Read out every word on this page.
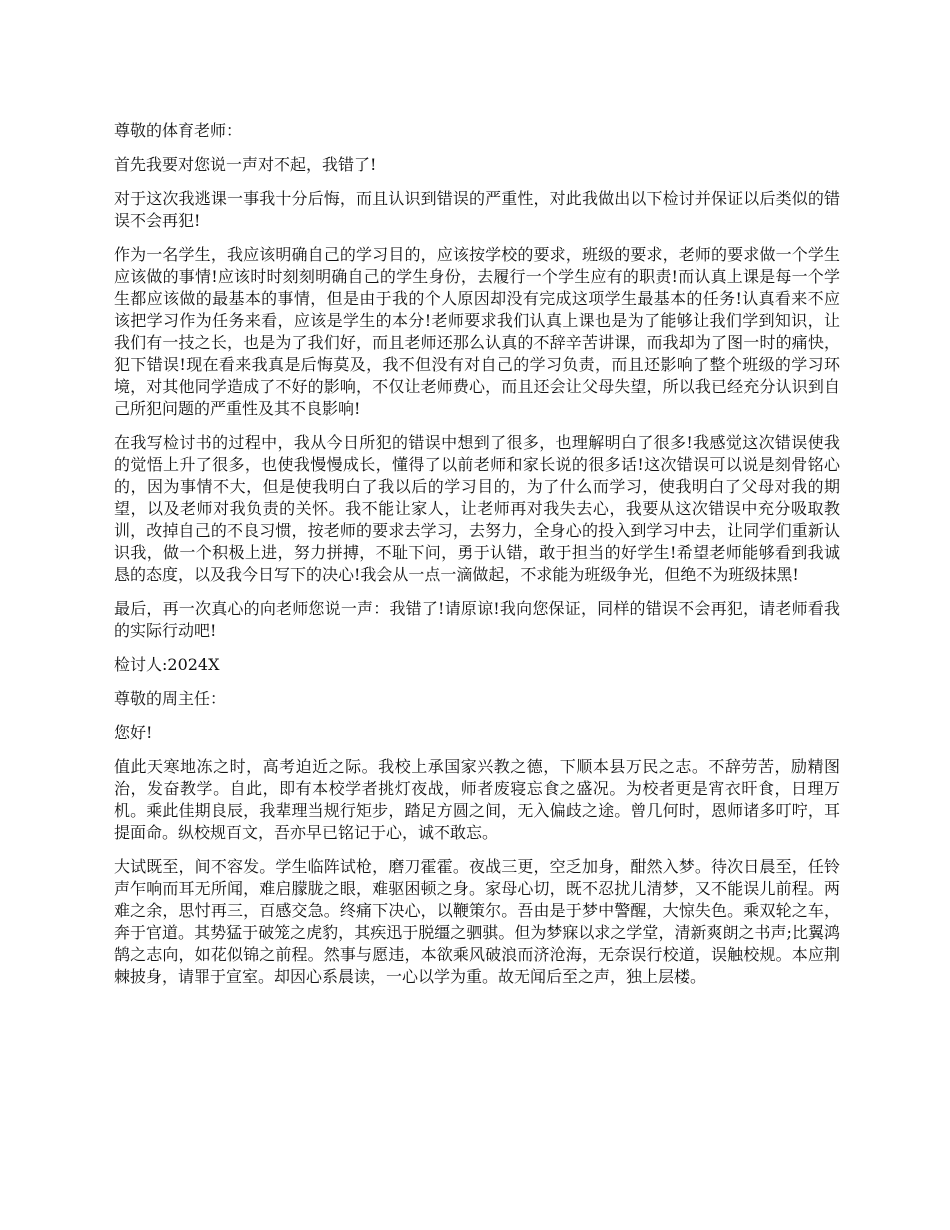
尊敬的体育老师：

首先我要对您说一声对不起，我错了!

对于这次我逃课一事我十分后悔，而且认识到错误的严重性，对此我做出以下检讨并保证以后类似的错误不会再犯!

作为一名学生，我应该明确自己的学习目的，应该按学校的要求，班级的要求，老师的要求做一个学生应该做的事情!应该时时刻刻明确自己的学生身份，去履行一个学生应有的职责!而认真上课是每一个学生都应该做的最基本的事情，但是由于我的个人原因却没有完成这项学生最基本的任务!认真看来不应该把学习作为任务来看，应该是学生的本分!老师要求我们认真上课也是为了能够让我们学到知识，让我们有一技之长，也是为了我们好，而且老师还那么认真的不辞辛苦讲课，而我却为了图一时的痛快，犯下错误!现在看来我真是后悔莫及，我不但没有对自己的学习负责，而且还影响了整个班级的学习环境，对其他同学造成了不好的影响，不仅让老师费心，而且还会让父母失望，所以我已经充分认识到自己所犯问题的严重性及其不良影响!

在我写检讨书的过程中，我从今日所犯的错误中想到了很多，也理解明白了很多!我感觉这次错误使我的觉悟上升了很多，也使我慢慢成长，懂得了以前老师和家长说的很多话!这次错误可以说是刻骨铭心的，因为事情不大，但是使我明白了我以后的学习目的，为了什么而学习，使我明白了父母对我的期望，以及老师对我负责的关怀。我不能让家人，让老师再对我失去心，我要从这次错误中充分吸取教训，改掉自己的不良习惯，按老师的要求去学习，去努力，全身心的投入到学习中去，让同学们重新认识我，做一个积极上进，努力拼搏，不耻下问，勇于认错，敢于担当的好学生!希望老师能够看到我诚恳的态度，以及我今日写下的决心!我会从一点一滴做起，不求能为班级争光，但绝不为班级抹黑!

最后，再一次真心的向老师您说一声：我错了!请原谅!我向您保证，同样的错误不会再犯，请老师看我的实际行动吧!

检讨人:2024X

尊敬的周主任：

您好!

值此天寒地冻之时，高考迫近之际。我校上承国家兴教之德，下顺本县万民之志。不辞劳苦，励精图治，发奋教学。自此，即有本校学者挑灯夜战，师者废寝忘食之盛况。为校者更是宵衣旰食，日理万机。乘此佳期良辰，我辈理当规行矩步，踏足方圆之间，无入偏歧之途。曾几何时，恩师诸多叮咛，耳提面命。纵校规百文，吾亦早已铭记于心，诚不敢忘。

大试既至，间不容发。学生临阵试枪，磨刀霍霍。夜战三更，空乏加身，酣然入梦。待次日晨至，任铃声乍响而耳无所闻，难启朦胧之眼，难驱困顿之身。家母心切，既不忍扰儿清梦，又不能误儿前程。两难之余，思忖再三，百感交急。终痛下决心，以鞭策尔。吾由是于梦中警醒，大惊失色。乘双轮之车，奔于官道。其势猛于破笼之虎豹，其疾迅于脱缰之驷骐。但为梦寐以求之学堂，清新爽朗之书声;比翼鸿鹄之志向，如花似锦之前程。然事与愿违，本欲乘风破浪而济沧海，无奈误行校道，误触校规。本应荆棘披身，请罪于宣室。却因心系晨读，一心以学为重。故无闻后至之声，独上层楼。
